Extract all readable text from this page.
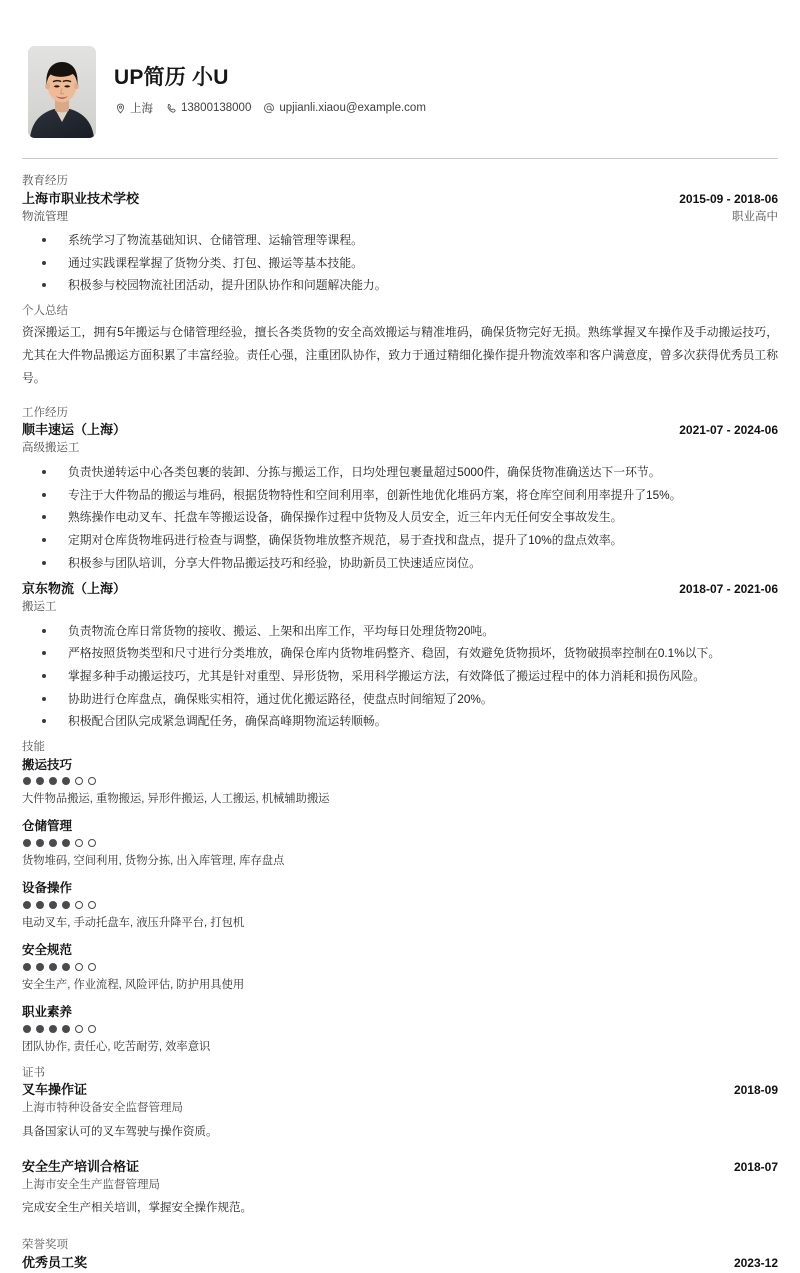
UP简历 小U
上海 13800138000 upjianli.xiaou@example.com
教育经历
上海市职业技术学校	2015-09 - 2018-06
物流管理	职业高中
系统学习了物流基础知识、仓储管理、运输管理等课程。
通过实践课程掌握了货物分类、打包、搬运等基本技能。
积极参与校园物流社团活动，提升团队协作和问题解决能力。
个人总结
资深搬运工，拥有5年搬运与仓储管理经验，擅长各类货物的安全高效搬运与精准堆码，确保货物完好无损。熟练掌握叉车操作及手动搬运技巧，尤其在大件物品搬运方面积累了丰富经验。责任心强，注重团队协作，致力于通过精细化操作提升物流效率和客户满意度，曾多次获得优秀员工称号。
工作经历
顺丰速运（上海）	2021-07 - 2024-06
高级搬运工
负责快递转运中心各类包裹的装卸、分拣与搬运工作，日均处理包裹量超过5000件，确保货物准确送达下一环节。
专注于大件物品的搬运与堆码，根据货物特性和空间利用率，创新性地优化堆码方案，将仓库空间利用率提升了15%。
熟练操作电动叉车、托盘车等搬运设备，确保操作过程中货物及人员安全，近三年内无任何安全事故发生。
定期对仓库货物堆码进行检查与调整，确保货物堆放整齐规范，易于查找和盘点，提升了10%的盘点效率。
积极参与团队培训，分享大件物品搬运技巧和经验，协助新员工快速适应岗位。
京东物流（上海）	2018-07 - 2021-06
搬运工
负责物流仓库日常货物的接收、搬运、上架和出库工作，平均每日处理货物20吨。
严格按照货物类型和尺寸进行分类堆放，确保仓库内货物堆码整齐、稳固，有效避免货物损坏，货物破损率控制在0.1%以下。
掌握多种手动搬运技巧，尤其是针对重型、异形货物，采用科学搬运方法，有效降低了搬运过程中的体力消耗和损伤风险。
协助进行仓库盘点，确保账实相符，通过优化搬运路径，使盘点时间缩短了20%。
积极配合团队完成紧急调配任务，确保高峰期物流运转顺畅。
技能
搬运技巧
大件物品搬运, 重物搬运, 异形件搬运, 人工搬运, 机械辅助搬运
仓储管理
货物堆码, 空间利用, 货物分拣, 出入库管理, 库存盘点
设备操作
电动叉车, 手动托盘车, 液压升降平台, 打包机
安全规范
安全生产, 作业流程, 风险评估, 防护用具使用
职业素养
团队协作, 责任心, 吃苦耐劳, 效率意识
证书
叉车操作证	2018-09
上海市特种设备安全监督管理局
具备国家认可的叉车驾驶与操作资质。
安全生产培训合格证	2018-07
上海市安全生产监督管理局
完成安全生产相关培训，掌握安全操作规范。
荣誉奖项
优秀员工奖	2023-12
